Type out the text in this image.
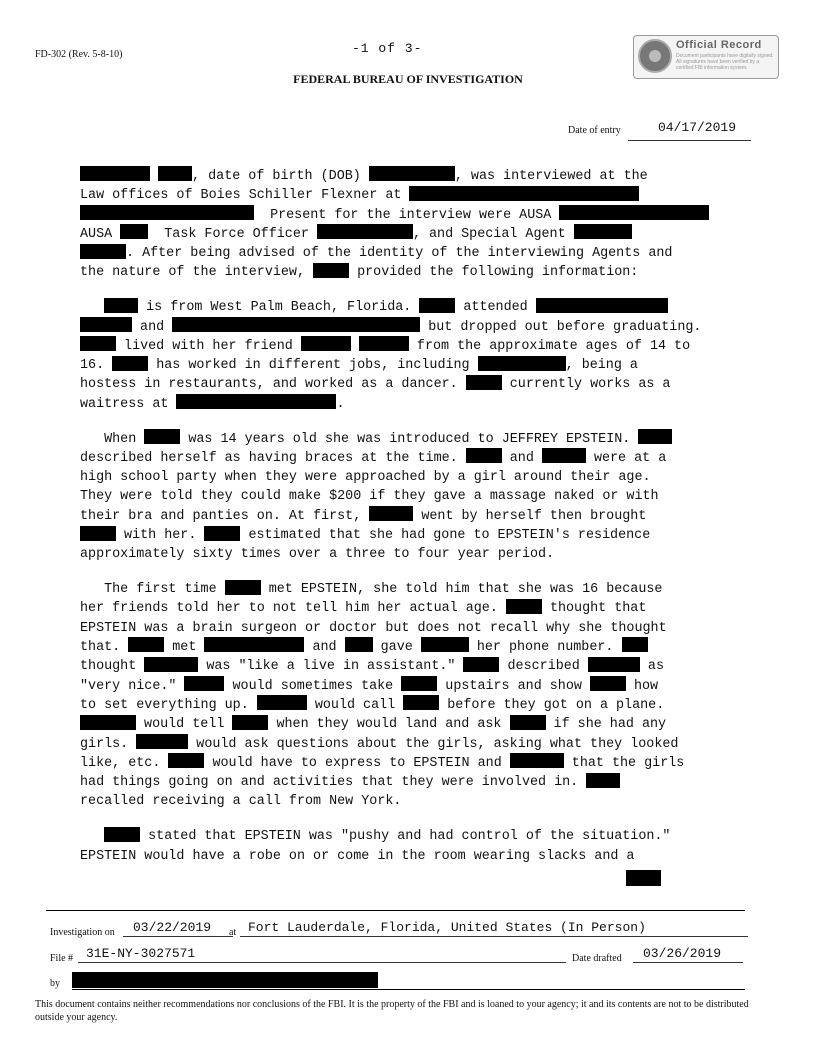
FD-302 (Rev. 5-8-10)	-1 of 3-
FEDERAL BUREAU OF INVESTIGATION
Official Record
Document participants have digitally signed. All signatures have been verified by a certified FBI information system.
Date of entry	04/17/2019
, date of birth (DOB)	, was interviewed at the
Law offices of Boies Schiller Flexner at
Present for the interview were AUSA
AUSA   Task Force Officer	, and Special Agent
. After being advised of the identity of the interviewing Agents and
the nature of the interview,	provided the following information:
is from West Palm Beach, Florida.	attended
and	but dropped out before graduating.
lived with her friend	from the approximate ages of 14 to
16.	has worked in different jobs, including	, being a
hostess in restaurants, and worked as a dancer.	currently works as a
waitress at	.
When	was 14 years old she was introduced to JEFFREY EPSTEIN.
described herself as having braces at the time.	and	were at a
high school party when they were approached by a girl around their age.
They were told they could make $200 if they gave a massage naked or with
their bra and panties on. At first,	went by herself then brought
with her.	estimated that she had gone to EPSTEIN's residence
approximately sixty times over a three to four year period.
The first time	met EPSTEIN, she told him that she was 16 because
her friends told her to not tell him her actual age.	thought that
EPSTEIN was a brain surgeon or doctor but does not recall why she thought
that.	met	and  gave	her phone number.
thought	was "like a live in assistant."	described	as
"very nice."	would sometimes take	upstairs and show	how
to set everything up.	would call	before they got on a plane.
would tell	when they would land and ask	if she had any
girls.	would ask questions about the girls, asking what they looked
like, etc.	would have to express to EPSTEIN and	that the girls
had things going on and activities that they were involved in.
recalled receiving a call from New York.
stated that EPSTEIN was "pushy and had control of the situation."
EPSTEIN would have a robe on or come in the room wearing slacks and a
Investigation on	03/22/2019	at Fort Lauderdale, Florida, United States (In Person)
File # 31E-NY-3027571	Date drafted	03/26/2019
by
This document contains neither recommendations nor conclusions of the FBI. It is the property of the FBI and is loaned to your agency; it and its contents are not to be distributed outside your agency.
